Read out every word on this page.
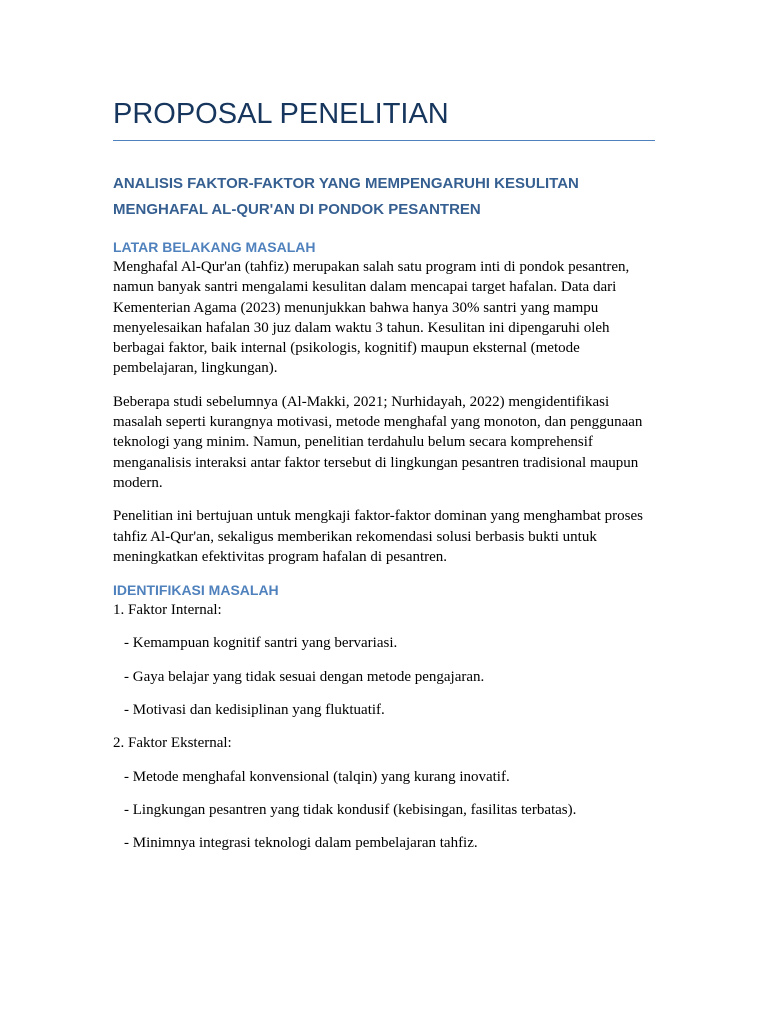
PROPOSAL PENELITIAN
ANALISIS FAKTOR-FAKTOR YANG MEMPENGARUHI KESULITAN
MENGHAFAL AL-QUR'AN DI PONDOK PESANTREN
LATAR BELAKANG MASALAH

Menghafal Al-Qur'an (tahfiz) merupakan salah satu program inti di pondok pesantren, namun banyak santri mengalami kesulitan dalam mencapai target hafalan. Data dari Kementerian Agama (2023) menunjukkan bahwa hanya 30% santri yang mampu menyelesaikan hafalan 30 juz dalam waktu 3 tahun. Kesulitan ini dipengaruhi oleh berbagai faktor, baik internal (psikologis, kognitif) maupun eksternal (metode pembelajaran, lingkungan).

Beberapa studi sebelumnya (Al-Makki, 2021; Nurhidayah, 2022) mengidentifikasi masalah seperti kurangnya motivasi, metode menghafal yang monoton, dan penggunaan teknologi yang minim. Namun, penelitian terdahulu belum secara komprehensif menganalisis interaksi antar faktor tersebut di lingkungan pesantren tradisional maupun modern.

Penelitian ini bertujuan untuk mengkaji faktor-faktor dominan yang menghambat proses tahfiz Al-Qur'an, sekaligus memberikan rekomendasi solusi berbasis bukti untuk meningkatkan efektivitas program hafalan di pesantren.

IDENTIFIKASI MASALAH
1. Faktor Internal:
- Kemampuan kognitif santri yang bervariasi.
- Gaya belajar yang tidak sesuai dengan metode pengajaran.
- Motivasi dan kedisiplinan yang fluktuatif.
2. Faktor Eksternal:
- Metode menghafal konvensional (talqin) yang kurang inovatif.
- Lingkungan pesantren yang tidak kondusif (kebisingan, fasilitas terbatas).
- Minimnya integrasi teknologi dalam pembelajaran tahfiz.
